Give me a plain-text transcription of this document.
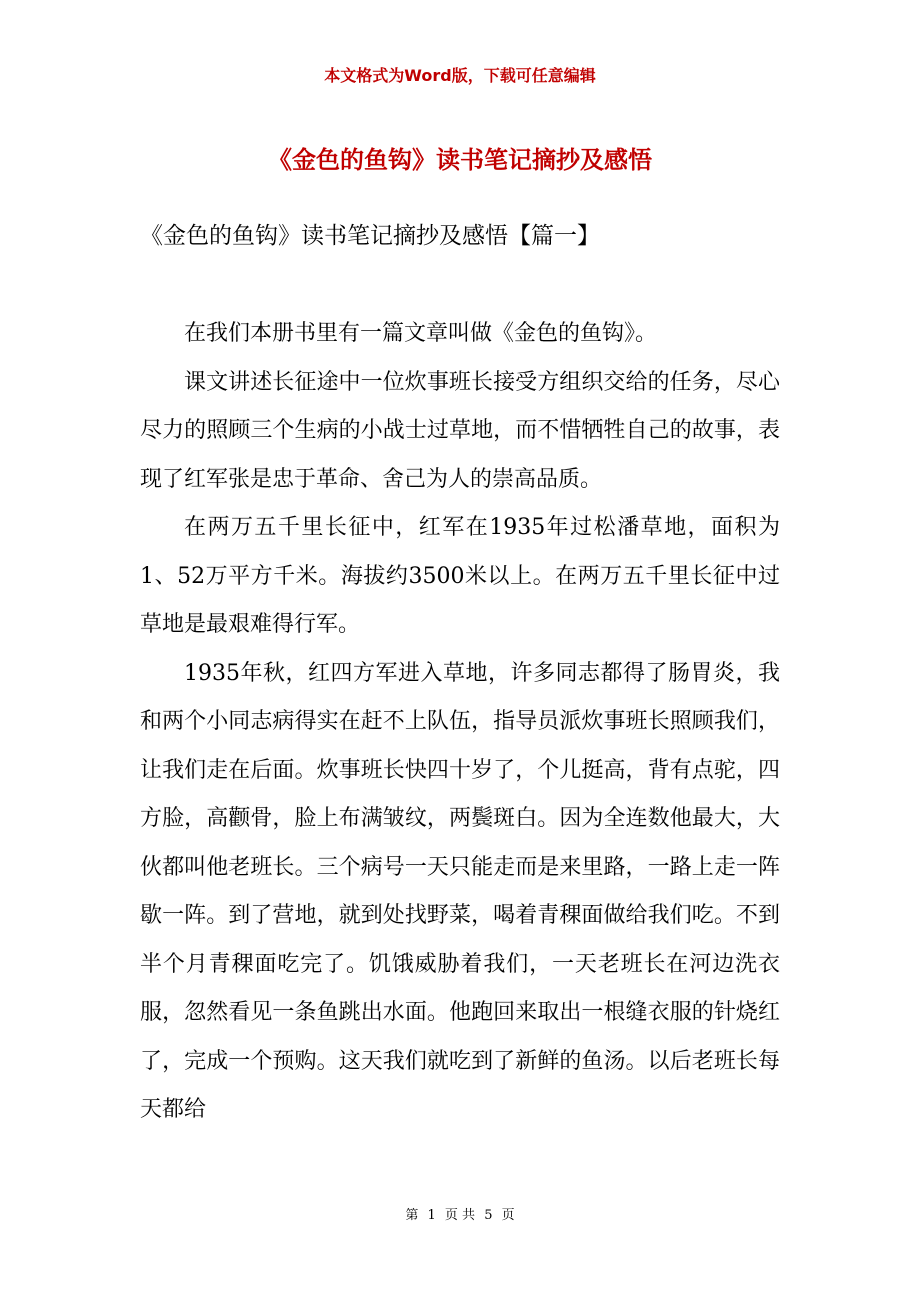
本文格式为Word版，下载可任意编辑
《金色的鱼钩》读书笔记摘抄及感悟
《金色的鱼钩》读书笔记摘抄及感悟【篇一】

在我们本册书里有一篇文章叫做《金色的鱼钩》。

课文讲述长征途中一位炊事班长接受方组织交给的任务，尽心尽力的照顾三个生病的小战士过草地，而不惜牺牲自己的故事，表现了红军张是忠于革命、舍己为人的崇高品质。

在两万五千里长征中，红军在1935年过松潘草地，面积为1、52万平方千米。海拔约3500米以上。在两万五千里长征中过草地是最艰难得行军。

1935年秋，红四方军进入草地，许多同志都得了肠胃炎，我和两个小同志病得实在赶不上队伍，指导员派炊事班长照顾我们，让我们走在后面。炊事班长快四十岁了，个儿挺高，背有点驼，四方脸，高颧骨，脸上布满皱纹，两鬓斑白。因为全连数他最大，大伙都叫他老班长。三个病号一天只能走而是来里路，一路上走一阵歇一阵。到了营地，就到处找野菜，喝着青稞面做给我们吃。不到半个月青稞面吃完了。饥饿威胁着我们，一天老班长在河边洗衣服，忽然看见一条鱼跳出水面。他跑回来取出一根缝衣服的针烧红了，完成一个预购。这天我们就吃到了新鲜的鱼汤。以后老班长每天都给

第 1 页 共 5 页
